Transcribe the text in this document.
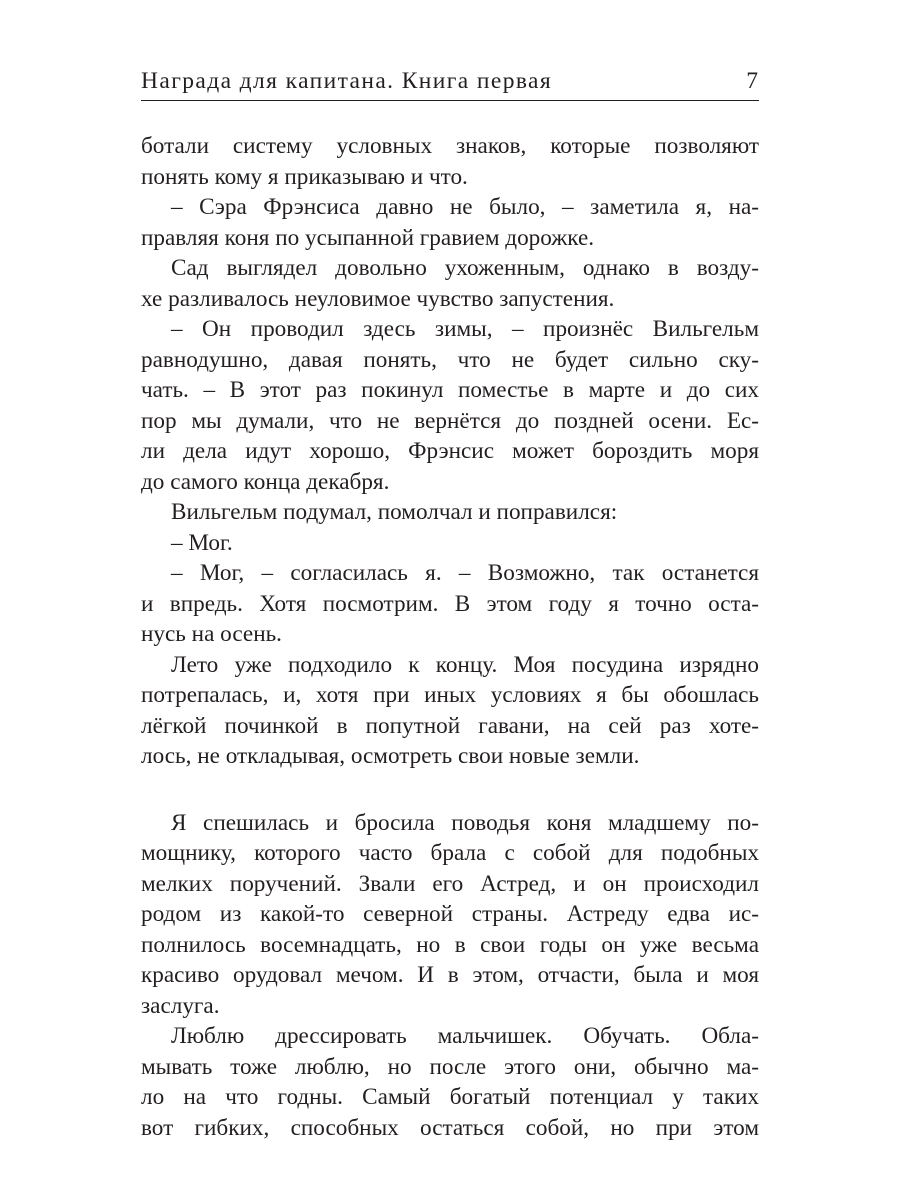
Награда для капитана. Книга первая	7
ботали систему условных знаков, которые позволяют
понять кому я приказываю и что.
– Сэра Фрэнсиса давно не было, – заметила я, на-
правляя коня по усыпанной гравием дорожке.
Сад выглядел довольно ухоженным, однако в возду-
хе разливалось неуловимое чувство запустения.
– Он проводил здесь зимы, – произнёс Вильгельм
равнодушно, давая понять, что не будет сильно ску-
чать. – В этот раз покинул поместье в марте и до сих
пор мы думали, что не вернётся до поздней осени. Ес-
ли дела идут хорошо, Фрэнсис может бороздить моря
до самого конца декабря.
Вильгельм подумал, помолчал и поправился:
– Мог.
– Мог, – согласилась я. – Возможно, так останется
и впредь. Хотя посмотрим. В этом году я точно оста-
нусь на осень.
Лето уже подходило к концу. Моя посудина изрядно
потрепалась, и, хотя при иных условиях я бы обошлась
лёгкой починкой в попутной гавани, на сей раз хоте-
лось, не откладывая, осмотреть свои новые земли.
Я спешилась и бросила поводья коня младшему по-
мощнику, которого часто брала с собой для подобных
мелких поручений. Звали его Астред, и он происходил
родом из какой-то северной страны. Астреду едва ис-
полнилось восемнадцать, но в свои годы он уже весьма
красиво орудовал мечом. И в этом, отчасти, была и моя
заслуга.
Люблю дрессировать мальчишек. Обучать. Обла-
мывать тоже люблю, но после этого они, обычно ма-
ло на что годны. Самый богатый потенциал у таких
вот гибких, способных остаться собой, но при этом
